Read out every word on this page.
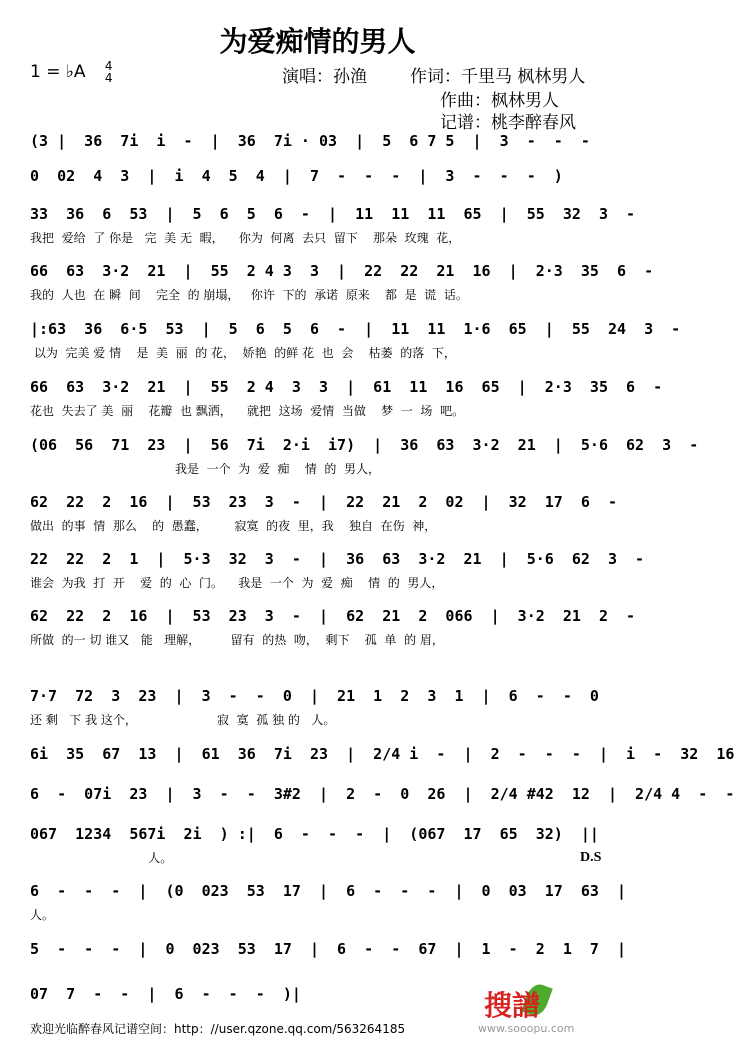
为爱痴情的男人
1 = ♭A 4
4	演唱：孙渔	作词：千里马 枫林男人
作曲：枫林男人
记谱：桃李醉春风
(3 |  36  7i  i  -  |  36  7i · 03  |  5  6 7 5  |  3  -  -  -
0  02  4  3  |  i  4  5  4  |  7  -  -  -  |  3  -  -  -  )
33  36  6  53  |  5  6  5  6  -  |  11  11  11  65  |  55  32  3  -
我把  爱给  了 你是   完  美 无  暇，    你为  何离  去只  留下    那朵  玫瑰  花，
66  63  3·2  21  |  55  2 4 3  3  |  22  22  21  16  |  2·3  35  6  -
我的  人也  在 瞬  间    完全  的 崩塌，   你许  下的  承诺  原来    都  是  谎  话。
|:63  36  6·5  53  |  5  6  5  6  -  |  11  11  1·6  65  |  55  24  3  -
以为  完美 爱 情    是  美  丽  的 花，  娇艳  的鲜 花  也  会    枯萎  的落  下，
66  63  3·2  21  |  55  2 4  3  3  |  61  11  16  65  |  2·3  35  6  -
花也  失去了 美  丽    花瓣  也 飘洒，    就把  这场  爱情  当做    梦  一  场  吧。
(06  56  71  23  |  56  7i  2·i  i7)  |  36  63  3·2  21  |  5·6  62  3  -
我是  一个  为  爱  痴    情  的  男人，
62  22  2  16  |  53  23  3  -  |  22  21  2  02  |  32  17  6  -
做出  的事  情  那么    的  愚蠢，       寂寞  的夜  里，我    独自  在伤  神，
22  22  2  1  |  5·3  32  3  -  |  36  63  3·2  21  |  5·6  62  3  -
谁会  为我  打  开    爱  的  心  门。    我是  一个  为  爱  痴    情  的  男人，
62  22  2  16  |  53  23  3  -  |  62  21  2  066  |  3·2  21  2  -
所做  的一 切 谁又   能   理解，        留有  的热  吻，  剩下    孤  单  的 眉，
7·7  72  3  23  |  3  -  -  0  |  21  1  2  3  1  |  6  -  -  0
还 剩   下 我 这个，                     寂  寞  孤 独 的   人。
6i  35  67  13  |  61  36  7i  23  |  2/4 i  -  |  2  -  -  -  |  i  -  32  16
6  -  07i  23  |  3  -  -  3#2  |  2  -  0  26  |  2/4 #42  12  |  2/4 4  -  -
067  1234  567i  2i  ) :|  6  -  -  -  |  (067  17  65  32)  ||
人。
6  -  -  -  |  (0  023  53  17  |  6  -  -  -  |  0  03  17  63  |
人。
5  -  -  -  |  0  023  53  17  |  6  -  -  67  |  1  -  2  1  7  |
07  7  -  -  |  6  -  -  -  )|
D.S
欢迎光临醉春风记谱空间：http：//user.qzone.qq.com/563264185
搜譜
www.sooopu.com
